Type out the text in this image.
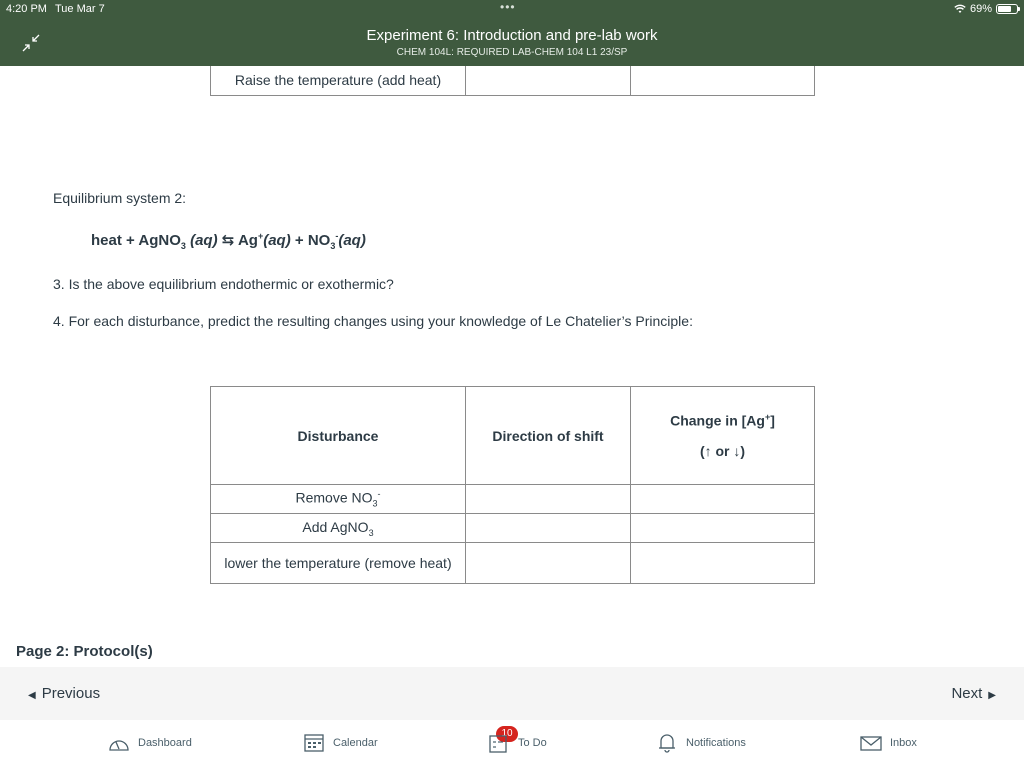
4:20 PM Tue Mar 7	•••	69%
Experiment 6: Introduction and pre-lab work
CHEM 104L: REQUIRED LAB-CHEM 104 L1 23/SP
Raise the temperature (add heat)		
Equilibrium system 2:
heat + AgNO$_3$ (aq) ⇆ $Ag^+(aq) + NO_3^-(aq)$
3. Is the above equilibrium endothermic or exothermic?
4. For each disturbance, predict the resulting changes using your knowledge of Le Chatelier’s Principle:
Disturbance	Direction of shift	Change in [Ag+]
(↑ or ↓)

Remove $NO_3^-$		
Add AgNO$_3$		
lower the temperature (remove heat)		
Page 2: Protocol(s)
◀ Previous	Next ▶
Dashboard	Calendar
10
To Do	Notifications	Inbox
